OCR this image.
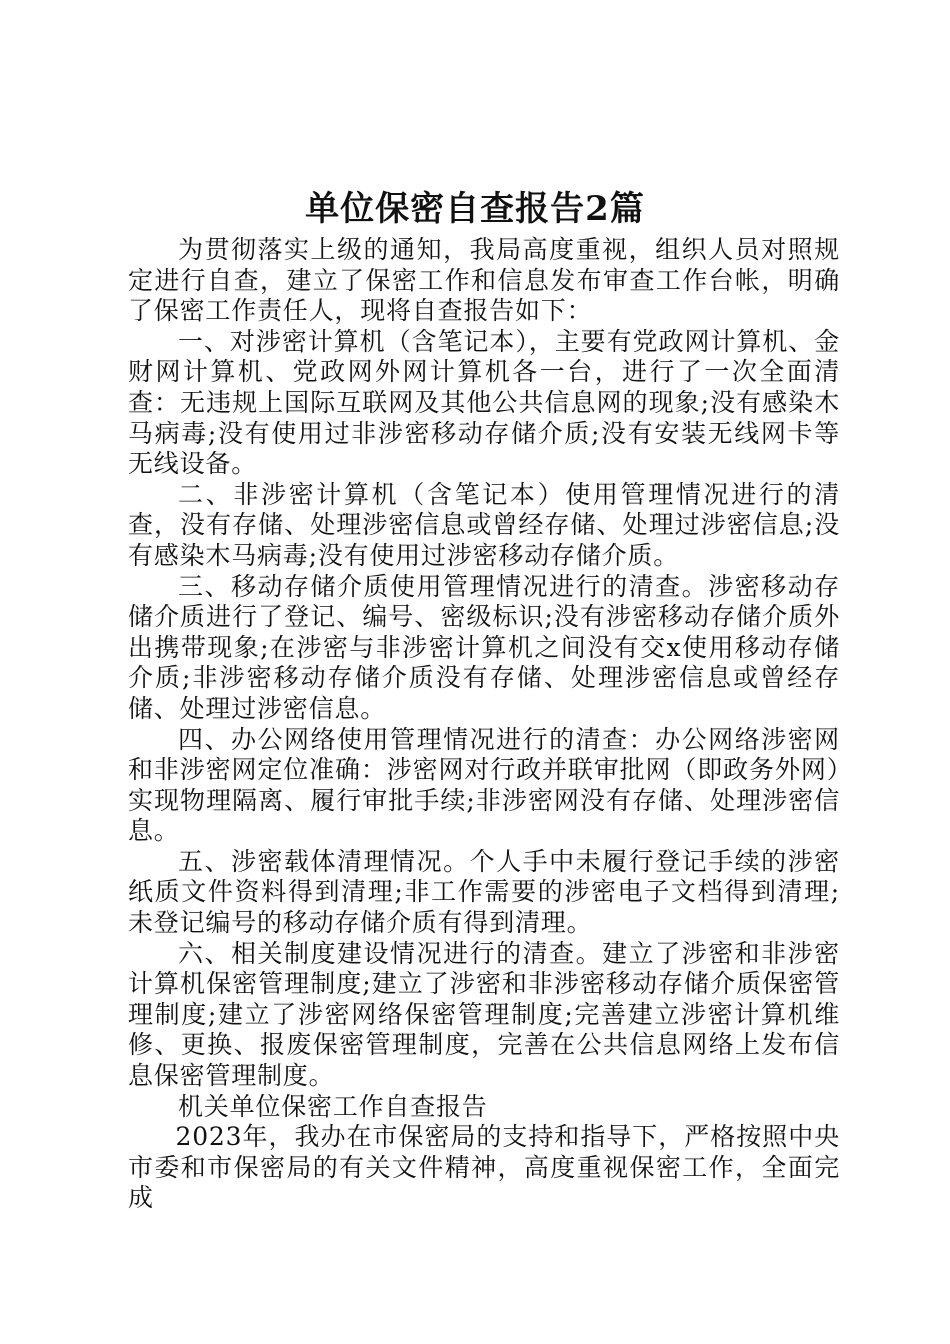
单位保密自查报告2篇

为贯彻落实上级的通知，我局高度重视，组织人员对照规定进行自查，建立了保密工作和信息发布审查工作台帐，明确了保密工作责任人，现将自查报告如下：

一、对涉密计算机（含笔记本），主要有党政网计算机、金财网计算机、党政网外网计算机各一台，进行了一次全面清查：无违规上国际互联网及其他公共信息网的现象;没有感染木马病毒;没有使用过非涉密移动存储介质;没有安装无线网卡等无线设备。

二、非涉密计算机（含笔记本）使用管理情况进行的清查，没有存储、处理涉密信息或曾经存储、处理过涉密信息;没有感染木马病毒;没有使用过涉密移动存储介质。

三、移动存储介质使用管理情况进行的清查。涉密移动存储介质进行了登记、编号、密级标识;没有涉密移动存储介质外出携带现象;在涉密与非涉密计算机之间没有交x使用移动存储介质;非涉密移动存储介质没有存储、处理涉密信息或曾经存储、处理过涉密信息。

四、办公网络使用管理情况进行的清查：办公网络涉密网和非涉密网定位准确：涉密网对行政并联审批网（即政务外网）实现物理隔离、履行审批手续;非涉密网没有存储、处理涉密信息。

五、涉密载体清理情况。个人手中未履行登记手续的涉密纸质文件资料得到清理;非工作需要的涉密电子文档得到清理;未登记编号的移动存储介质有得到清理。

六、相关制度建设情况进行的清查。建立了涉密和非涉密计算机保密管理制度;建立了涉密和非涉密移动存储介质保密管理制度;建立了涉密网络保密管理制度;完善建立涉密计算机维修、更换、报废保密管理制度，完善在公共信息网络上发布信息保密管理制度。

机关单位保密工作自查报告

2023年，我办在市保密局的支持和指导下，严格按照中央市委和市保密局的有关文件精神，高度重视保密工作，全面完成
